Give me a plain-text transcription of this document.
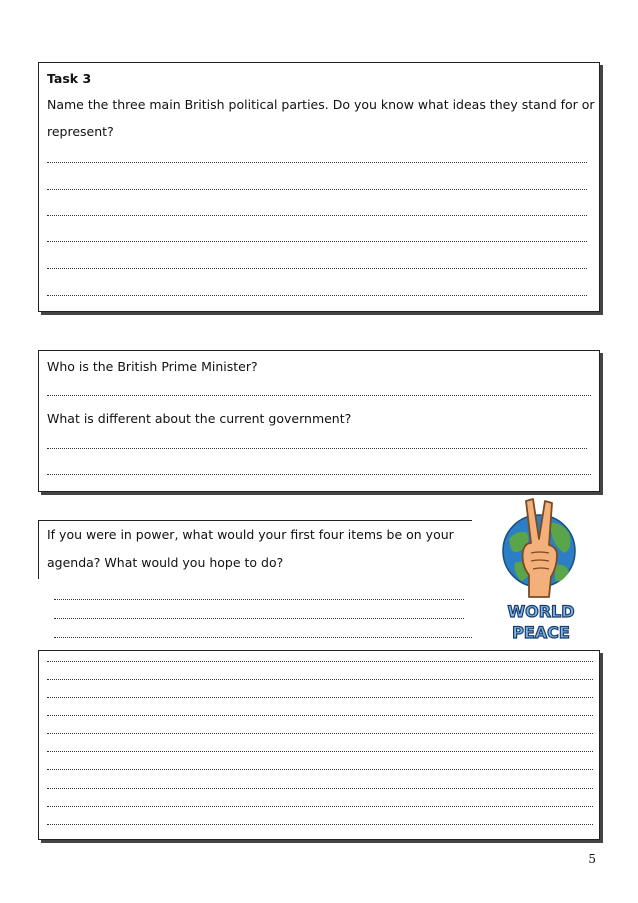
Task 3
Name the three main British political parties. Do you know what ideas they stand for or
represent?
Who is the British Prime Minister?
What is different about the current government?
If you were in power, what would your first four items be on your
agenda? What would you hope to do?
WORLD
PEACE
5
